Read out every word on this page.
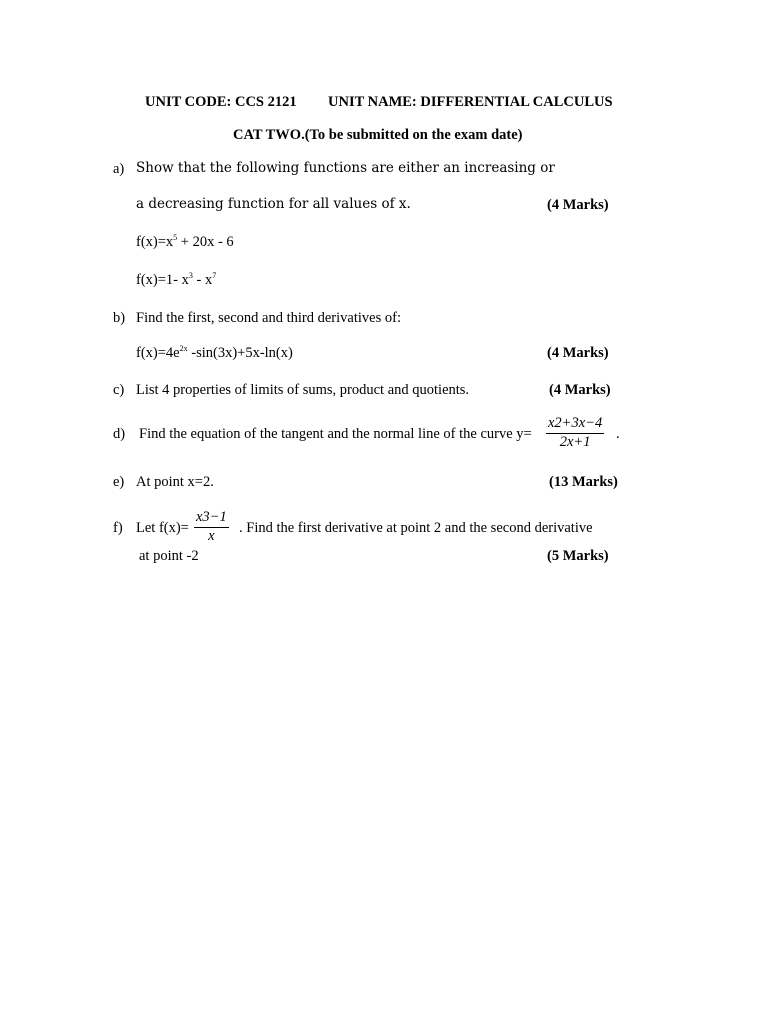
UNIT CODE: CCS 2121 UNIT NAME: DIFFERENTIAL CALCULUS
CAT TWO.(To be submitted on the exam date)
a) Show that the following functions are either an increasing or
a decreasing function for all values of x.	(4 Marks)
$f(x)=x^5 + 20x - 6$
f(x)=1- $x^3 - x^7$
b) Find the first, second and third derivatives of:
$f(x)=4e^{2x}$ -sin(3x)+5x-ln(x)	(4 Marks)
c) List 4 properties of limits of sums, product and quotients.	(4 Marks)
d) Find the equation of the tangent and the normal line of the curve $y= \frac{x2+3x-4}{2x+1}$ .
e) At point x=2.	(13 Marks)
f) Let $f(x)= \frac{x3-1}{x}$ . Find the first derivative at point 2 and the second derivative
at point -2	(5 Marks)
